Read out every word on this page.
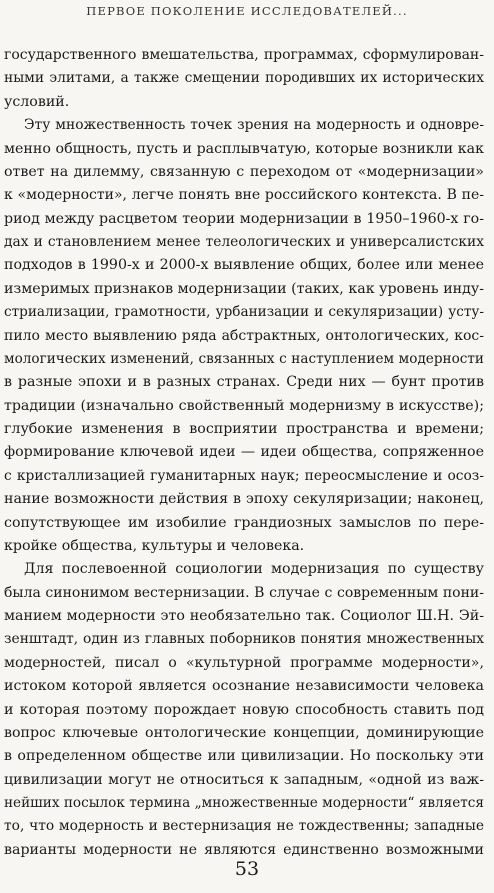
ПЕРВОЕ ПОКОЛЕНИЕ ИССЛЕДОВАТЕЛЕЙ...
государственного вмешательства, программах, сформулирован-
ными элитами, а также смещении породивших их исторических
условий.
Эту множественность точек зрения на модерность и одновре-
менно общность, пусть и расплывчатую, которые возникли как
ответ на дилемму, связанную с переходом от «модернизации»
к «модерности», легче понять вне российского контекста. В пе-
риод между расцветом теории модернизации в 1950–1960-х го-
дах и становлением менее телеологических и универсалистских
подходов в 1990-х и 2000-х выявление общих, более или менее
измеримых признаков модернизации (таких, как уровень инду-
стриализации, грамотности, урбанизации и секуляризации) усту-
пило место выявлению ряда абстрактных, онтологических, кос-
мологических изменений, связанных с наступлением модерности
в разные эпохи и в разных странах. Среди них — бунт против
традиции (изначально свойственный модернизму в искусстве);
глубокие изменения в восприятии пространства и времени;
формирование ключевой идеи — идеи общества, сопряженное
с кристаллизацией гуманитарных наук; переосмысление и осоз-
нание возможности действия в эпоху секуляризации; наконец,
сопутствующее им изобилие грандиозных замыслов по пере-
кройке общества, культуры и человека.
Для послевоенной социологии модернизация по существу
была синонимом вестернизации. В случае с современным пони-
манием модерности это необязательно так. Социолог Ш.Н. Эй-
зенштадт, один из главных поборников понятия множественных
модерностей, писал о «культурной программе модерности»,
истоком которой является осознание независимости человека
и которая поэтому порождает новую способность ставить под
вопрос ключевые онтологические концепции, доминирующие
в определенном обществе или цивилизации. Но поскольку эти
цивилизации могут не относиться к западным, «одной из важ-
нейших посылок термина „множественные модерности“ является
то, что модерность и вестернизация не тождественны; западные
варианты модерности не являются единственно возможными
53
